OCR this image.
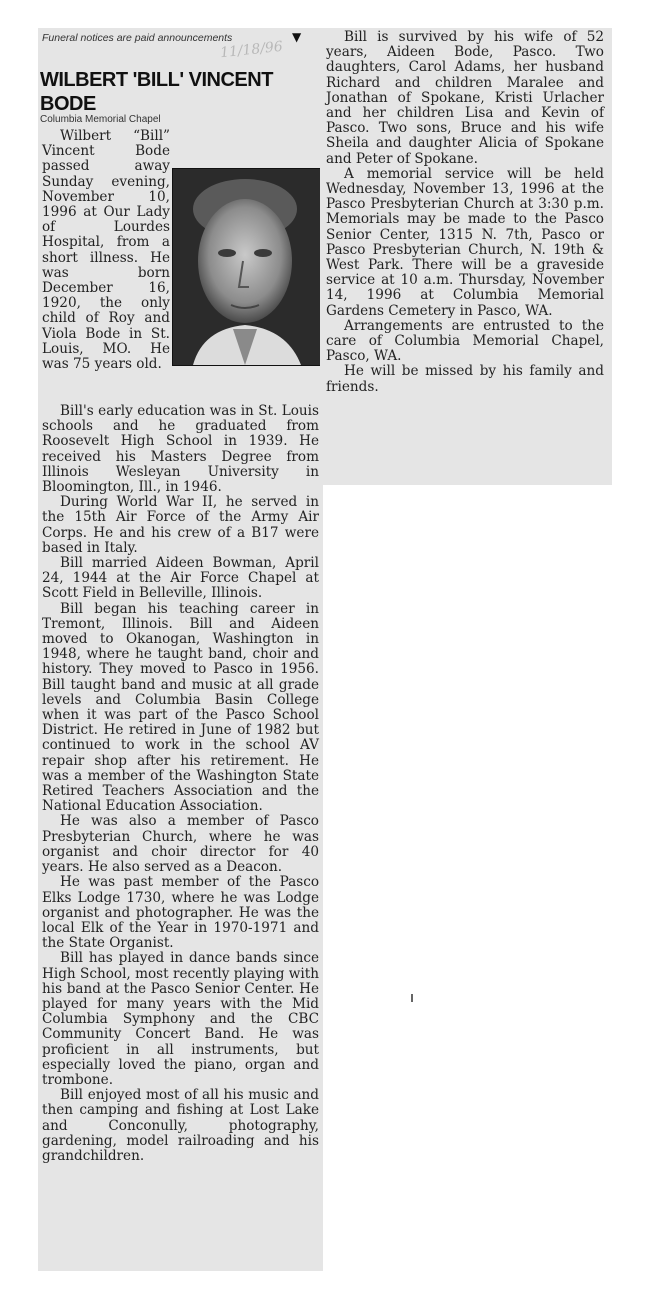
Funeral notices are paid announcements	▼
11/18/96
WILBERT 'BILL' VINCENT BODE
Columbia Memorial Chapel

Wilbert “Bill” Vincent Bode passed away Sunday evening, November 10, 1996 at Our Lady of Lourdes Hospital, from a short illness. He was born December 16, 1920, the only child of Roy and Viola Bode in St. Louis, MO. He was 75 years old.

Bill's early education was in St. Louis schools and he graduated from Roosevelt High School in 1939. He received his Masters Degree from Illinois Wesleyan University in Bloomington, Ill., in 1946.

During World War II, he served in the 15th Air Force of the Army Air Corps. He and his crew of a B17 were based in Italy.

Bill married Aideen Bowman, April 24, 1944 at the Air Force Chapel at Scott Field in Belleville, Illinois.

Bill began his teaching career in Tremont, Illinois. Bill and Aideen moved to Okanogan, Washington in 1948, where he taught band, choir and history. They moved to Pasco in 1956. Bill taught band and music at all grade levels and Columbia Basin College when it was part of the Pasco School District. He retired in June of 1982 but continued to work in the school AV repair shop after his retirement. He was a member of the Washington State Retired Teachers Association and the National Education Association.

He was also a member of Pasco Presbyterian Church, where he was organist and choir director for 40 years. He also served as a Deacon.

He was past member of the Pasco Elks Lodge 1730, where he was Lodge organist and photographer. He was the local Elk of the Year in 1970-1971 and the State Organist.

Bill has played in dance bands since High School, most recently playing with his band at the Pasco Senior Center. He played for many years with the Mid Columbia Symphony and the CBC Community Concert Band. He was proficient in all instruments, but especially loved the piano, organ and trombone.

Bill enjoyed most of all his music and then camping and fishing at Lost Lake and Conconully, photography, gardening, model railroading and his grandchildren.

Bill is survived by his wife of 52 years, Aideen Bode, Pasco. Two daughters, Carol Adams, her husband Richard and children Maralee and Jonathan of Spokane, Kristi Urlacher and her children Lisa and Kevin of Pasco. Two sons, Bruce and his wife Sheila and daughter Alicia of Spokane and Peter of Spokane.

A memorial service will be held Wednesday, November 13, 1996 at the Pasco Presbyterian Church at 3:30 p.m. Memorials may be made to the Pasco Senior Center, 1315 N. 7th, Pasco or Pasco Presbyterian Church, N. 19th & West Park. There will be a graveside service at 10 a.m. Thursday, November 14, 1996 at Columbia Memorial Gardens Cemetery in Pasco, WA.

Arrangements are entrusted to the care of Columbia Memorial Chapel, Pasco, WA.

He will be missed by his family and friends.
